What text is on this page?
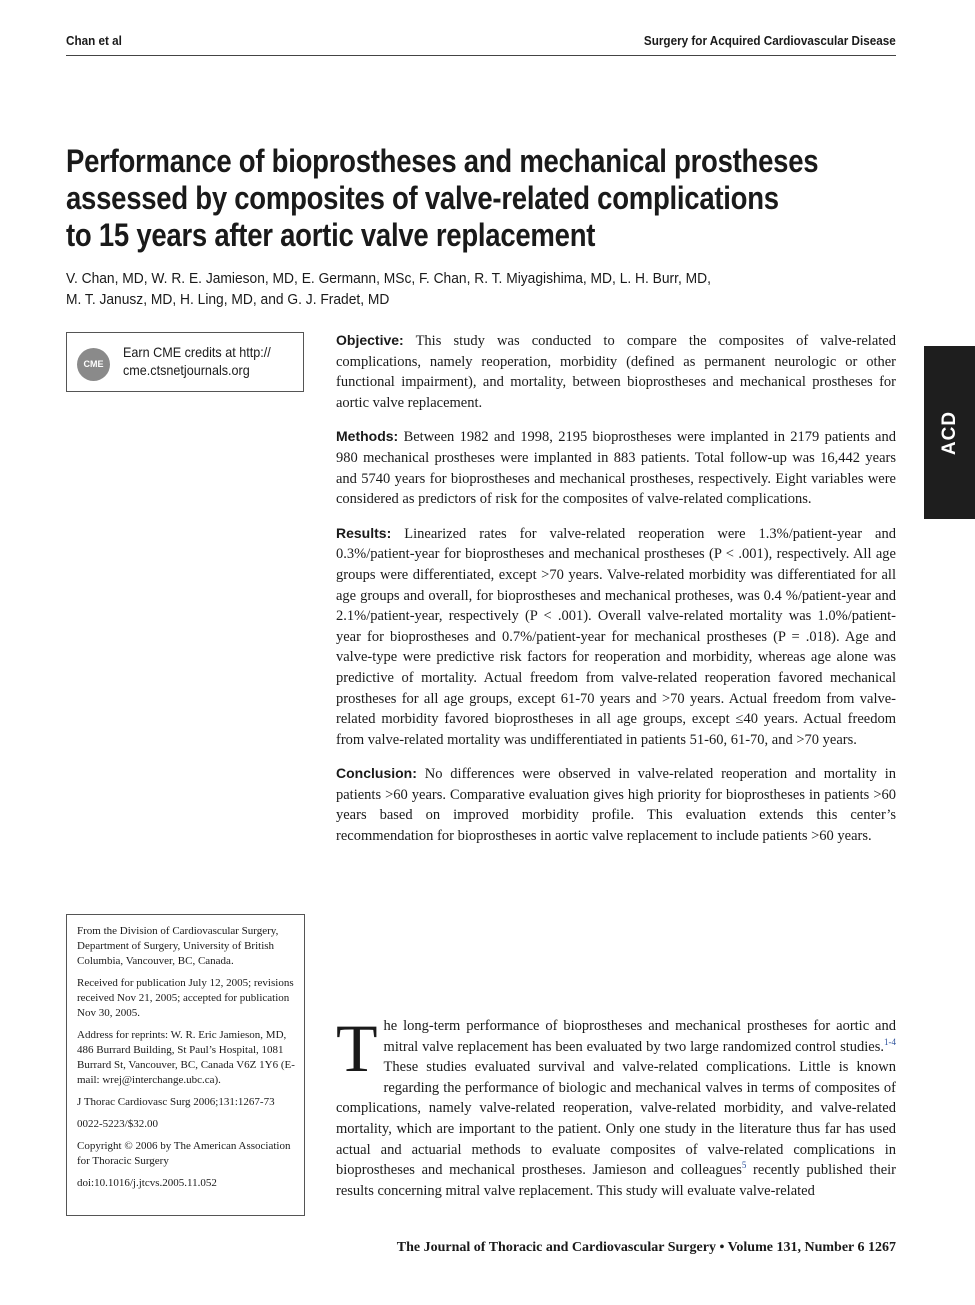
Chan et al	Surgery for Acquired Cardiovascular Disease
Performance of bioprostheses and mechanical prostheses
assessed by composites of valve-related complications
to 15 years after aortic valve replacement
V. Chan, MD, W. R. E. Jamieson, MD, E. Germann, MSc, F. Chan, R. T. Miyagishima, MD, L. H. Burr, MD,
M. T. Janusz, MD, H. Ling, MD, and G. J. Fradet, MD
CME
Earn CME credits at http://
cme.ctsnetjournals.org
ACD

Objective: This study was conducted to compare the composites of valve-related complications, namely reoperation, morbidity (defined as permanent neurologic or other functional impairment), and mortality, between bioprostheses and mechanical prostheses for aortic valve replacement.

Methods: Between 1982 and 1998, 2195 bioprostheses were implanted in 2179 patients and 980 mechanical prostheses were implanted in 883 patients. Total follow-up was 16,442 years and 5740 years for bioprostheses and mechanical prostheses, respectively. Eight variables were considered as predictors of risk for the composites of valve-related complications.

Results: Linearized rates for valve-related reoperation were 1.3%/patient-year and 0.3%/patient-year for bioprostheses and mechanical prostheses (P < .001), respectively. All age groups were differentiated, except >70 years. Valve-related morbidity was differentiated for all age groups and overall, for bioprostheses and mechanical protheses, was 0.4 %/patient-year and 2.1%/patient-year, respectively (P < .001). Overall valve-related mortality was 1.0%/patient-year for bioprostheses and 0.7%/patient-year for mechanical prostheses (P = .018). Age and valve-type were predictive risk factors for reoperation and morbidity, whereas age alone was predictive of mortality. Actual freedom from valve-related reoperation favored mechanical prostheses for all age groups, except 61-70 years and >70 years. Actual freedom from valve-related morbidity favored bioprostheses in all age groups, except ≤40 years. Actual freedom from valve-related mortality was undifferentiated in patients 51-60, 61-70, and >70 years.

Conclusion: No differences were observed in valve-related reoperation and mortality in patients >60 years. Comparative evaluation gives high priority for bioprostheses in patients >60 years based on improved morbidity profile. This evaluation extends this center’s recommendation for bioprostheses in aortic valve replacement to include patients >60 years.

From the Division of Cardiovascular Surgery, Department of Surgery, University of British Columbia, Vancouver, BC, Canada.

Received for publication July 12, 2005; revisions received Nov 21, 2005; accepted for publication Nov 30, 2005.

Address for reprints: W. R. Eric Jamieson, MD, 486 Burrard Building, St Paul’s Hospital, 1081 Burrard St, Vancouver, BC, Canada V6Z 1Y6 (E-mail: wrej@interchange.ubc.ca).

J Thorac Cardiovasc Surg 2006;131:1267-73

0022-5223/$32.00

Copyright © 2006 by The American Association for Thoracic Surgery

doi:10.1016/j.jtcvs.2005.11.052

The long-term performance of bioprostheses and mechanical prostheses for aortic and mitral valve replacement has been evaluated by two large randomized control studies.$^{1-4}$ These studies evaluated survival and valve-related complications. Little is known regarding the performance of biologic and mechanical valves in terms of composites of complications, namely valve-related reoperation, valve-related morbidity, and valve-related mortality, which are important to the patient. Only one study in the literature thus far has used actual and actuarial methods to evaluate composites of valve-related complications in bioprostheses and mechanical prostheses. Jamieson and colleagues$^5$ recently published their results concerning mitral valve replacement. This study will evaluate valve-related
The Journal of Thoracic and Cardiovascular Surgery • Volume 131, Number 6 1267
